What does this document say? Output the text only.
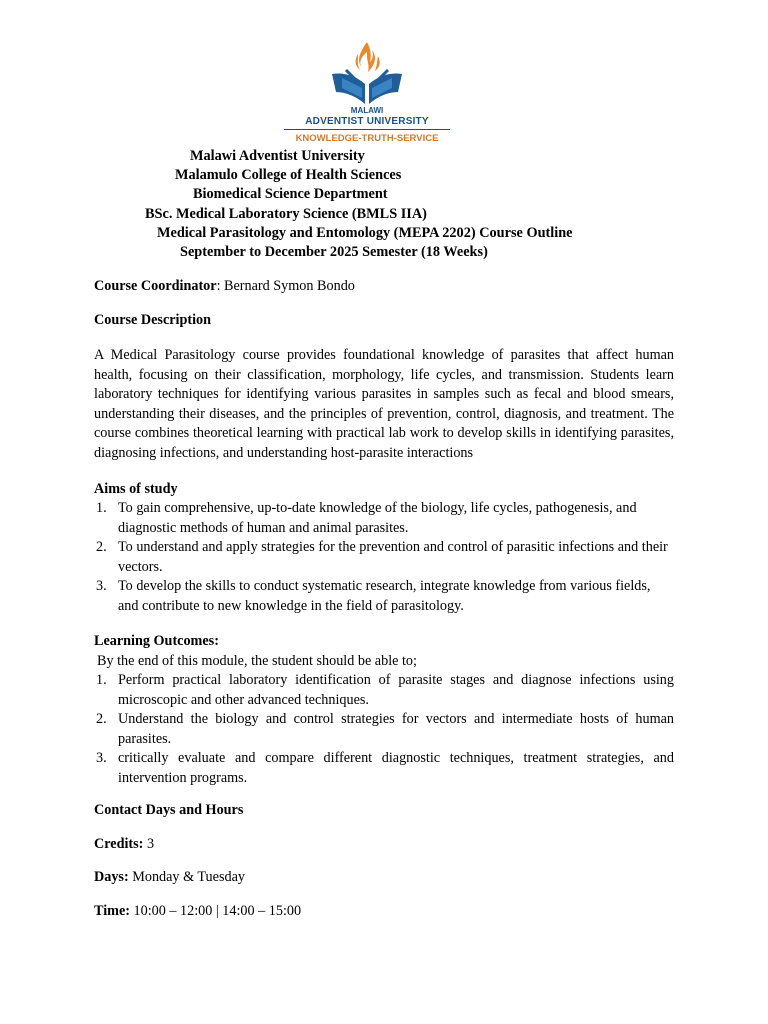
MALAWI
ADVENTIST UNIVERSITY
KNOWLEDGE-TRUTH-SERVICE
Malawi Adventist University
Malamulo College of Health Sciences
Biomedical Science Department
BSc. Medical Laboratory Science (BMLS IIA)
Medical Parasitology and Entomology (MEPA 2202) Course Outline
September to December 2025 Semester (18 Weeks)
Course Coordinator: Bernard Symon Bondo
Course Description
A Medical Parasitology course provides foundational knowledge of parasites that affect human health, focusing on their classification, morphology, life cycles, and transmission. Students learn laboratory techniques for identifying various parasites in samples such as fecal and blood smears, understanding their diseases, and the principles of prevention, control, diagnosis, and treatment. The course combines theoretical learning with practical lab work to develop skills in identifying parasites, diagnosing infections, and understanding host-parasite interactions
Aims of study
1. To gain comprehensive, up-to-date knowledge of the biology, life cycles, pathogenesis, and diagnostic methods of human and animal parasites.
2. To understand and apply strategies for the prevention and control of parasitic infections and their vectors.
3. To develop the skills to conduct systematic research, integrate knowledge from various fields, and contribute to new knowledge in the field of parasitology.
Learning Outcomes:
By the end of this module, the student should be able to;
1. Perform practical laboratory identification of parasite stages and diagnose infections using microscopic and other advanced techniques.
2. Understand the biology and control strategies for vectors and intermediate hosts of human parasites.
3. critically evaluate and compare different diagnostic techniques, treatment strategies, and intervention programs.
Contact Days and Hours
Credits: 3
Days: Monday & Tuesday
Time: 10:00 – 12:00 | 14:00 – 15:00
